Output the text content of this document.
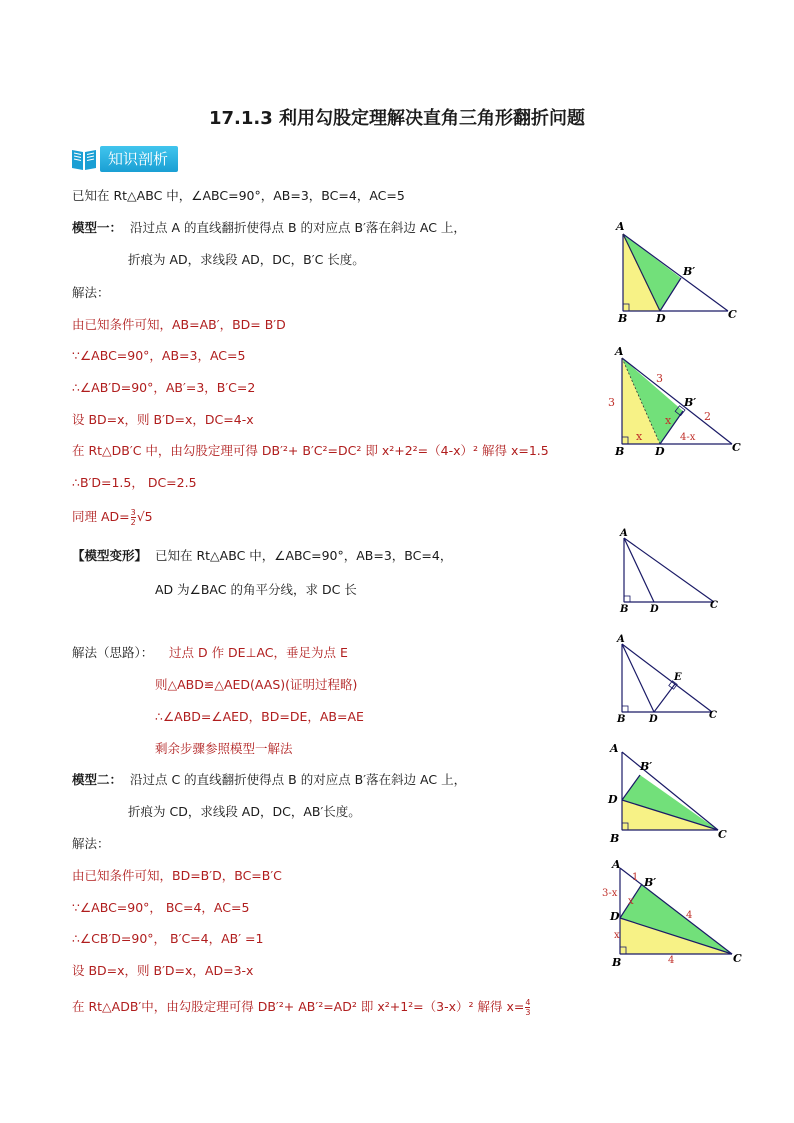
17.1.3 利用勾股定理解决直角三角形翻折问题
知识剖析
已知在 Rt△ABC 中，∠ABC=90°，AB=3，BC=4，AC=5
模型一： 沿过点 A 的直线翻折使得点 B 的对应点 B′落在斜边 AC 上，
折痕为 AD，求线段 AD，DC，B′C 长度。
解法：
由已知条件可知，AB=AB′，BD= B′D
∵∠ABC=90°，AB=3，AC=5
∴∠AB′D=90°，AB′=3，B′C=2
设 BD=x，则 B′D=x，DC=4-x
在 Rt△DB′C 中，由勾股定理可得 DB′²+ B′C²=DC² 即 x²+2²=（4-x）² 解得 x=1.5
∴B′D=1.5， DC=2.5
同理 $AD= \frac{3}{2} √5$
【模型变形】 已知在 Rt△ABC 中，∠ABC=90°，AB=3，BC=4，
AD 为∠BAC 的角平分线，求 DC 长
解法（思路）： 过点 D 作 DE⊥AC，垂足为点 E
则△ABD≌△AED(AAS)(证明过程略)
∴∠ABD=∠AED，BD=DE，AB=AE
剩余步骤参照模型一解法
模型二： 沿过点 C 的直线翻折使得点 B 的对应点 B′落在斜边 AC 上，
折痕为 CD，求线段 AD，DC，AB′长度。
解法：
由已知条件可知，BD=B′D，BC=B′C
∵∠ABC=90°， BC=4，AC=5
∴∠CB′D=90°， B′C=4，AB′ =1
设 BD=x，则 B′D=x，AD=3-x
在 Rt△ADB′中，由勾股定理可得 DB′²+ AB′²=AD² 即 x²+1²=（3-x）² 解得 $x= \frac{4}{3}$
A
B	D	C
B′
A
B	D	C
B′
3
3
2
x
x
4-x
A
B D	C
A
B D	C
E
A
B
D
C
B′
A
B
D
C
B′
1
3-x
x
x
4
4
